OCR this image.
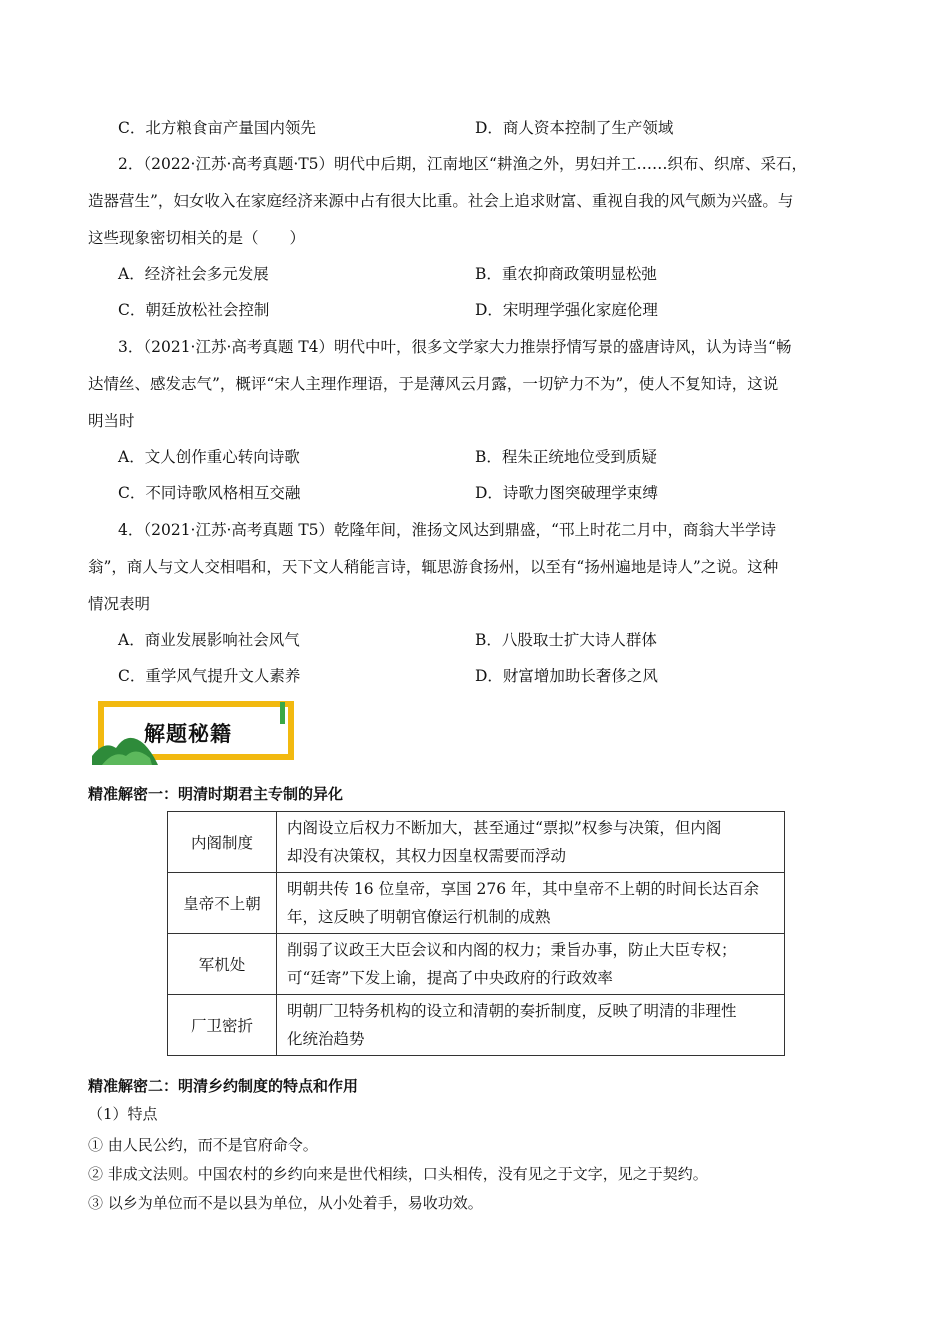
C．北方粮食亩产量国内领先	D．商人资本控制了生产领域
2．（2022·江苏·高考真题·T5）明代中后期，江南地区“耕渔之外，男妇并工……织布、织席、采石，
造器营生”，妇女收入在家庭经济来源中占有很大比重。社会上追求财富、重视自我的风气颇为兴盛。与
这些现象密切相关的是（　　）
A．经济社会多元发展	B．重农抑商政策明显松弛
C．朝廷放松社会控制	D．宋明理学强化家庭伦理
3．（2021·江苏·高考真题 T4）明代中叶，很多文学家大力推崇抒情写景的盛唐诗风，认为诗当“畅
达情丝、感发志气”，概评“宋人主理作理语，于是薄风云月露，一切铲力不为”，使人不复知诗，这说
明当时
A．文人创作重心转向诗歌	B．程朱正统地位受到质疑
C．不同诗歌风格相互交融	D．诗歌力图突破理学束缚
4．（2021·江苏·高考真题 T5）乾隆年间，淮扬文风达到鼎盛，“邗上时花二月中，商翁大半学诗
翁”，商人与文人交相唱和，天下文人稍能言诗，辄思游食扬州，以至有“扬州遍地是诗人”之说。这种
情况表明
A．商业发展影响社会风气	B．八股取士扩大诗人群体
C．重学风气提升文人素养	D．财富增加助长奢侈之风
解题秘籍
精准解密一：明清时期君主专制的异化
内阁制度	内阁设立后权力不断加大，甚至通过“票拟”权参与决策，但内阁
却没有决策权，其权力因皇权需要而浮动

皇帝不上朝	明朝共传 16 位皇帝，享国 276 年，其中皇帝不上朝的时间长达百余
年，这反映了明朝官僚运行机制的成熟

军机处	削弱了议政王大臣会议和内阁的权力；秉旨办事，防止大臣专权；
可“廷寄”下发上谕，提高了中央政府的行政效率

厂卫密折	明朝厂卫特务机构的设立和清朝的奏折制度，反映了明清的非理性
化统治趋势
精准解密二：明清乡约制度的特点和作用
（1）特点
① 由人民公约，而不是官府命令。
② 非成文法则。中国农村的乡约向来是世代相续，口头相传，没有见之于文字，见之于契约。
③ 以乡为单位而不是以县为单位，从小处着手，易收功效。
